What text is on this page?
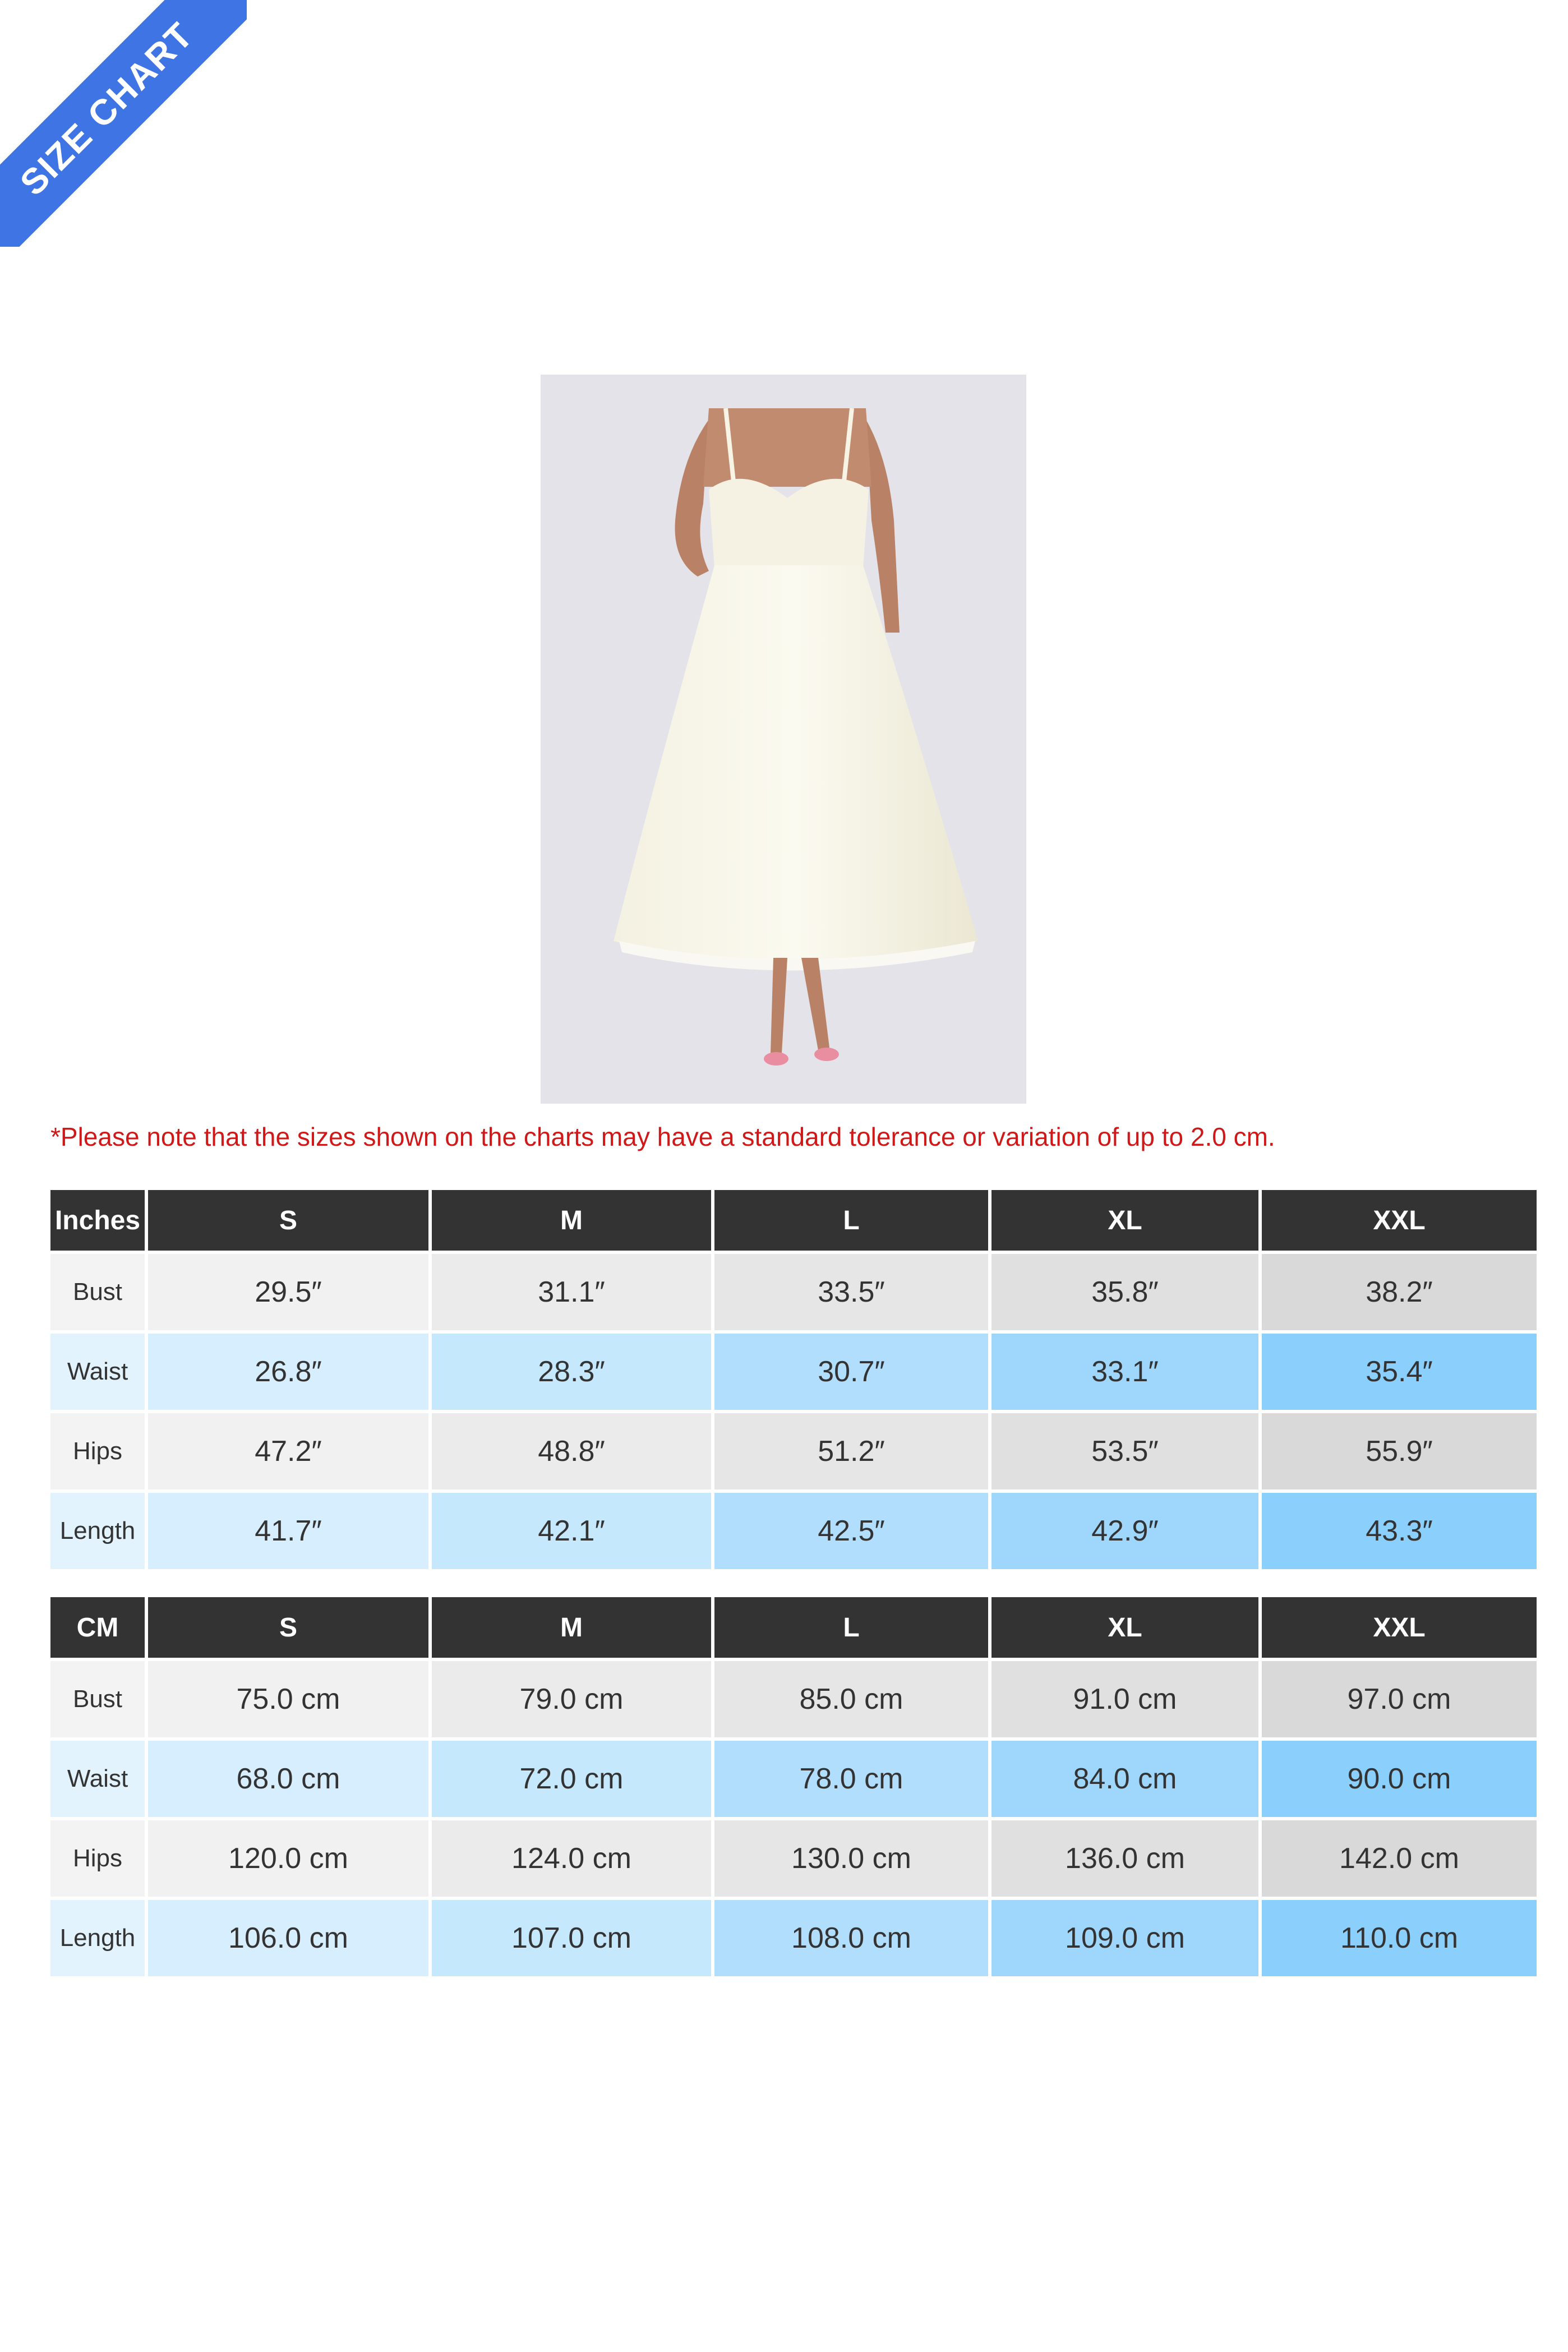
SIZE CHART
*Please note that the sizes shown on the charts may have a standard tolerance or variation of up to 2.0 cm.
Inches	S	M	L	XL	XXL
Bust	29.5″	31.1″	33.5″	35.8″	38.2″
Waist	26.8″	28.3″	30.7″	33.1″	35.4″
Hips	47.2″	48.8″	51.2″	53.5″	55.9″
Length	41.7″	42.1″	42.5″	42.9″	43.3″
CM	S	M	L	XL	XXL
Bust	75.0 cm	79.0 cm	85.0 cm	91.0 cm	97.0 cm
Waist	68.0 cm	72.0 cm	78.0 cm	84.0 cm	90.0 cm
Hips	120.0 cm	124.0 cm	130.0 cm	136.0 cm	142.0 cm
Length	106.0 cm	107.0 cm	108.0 cm	109.0 cm	110.0 cm
